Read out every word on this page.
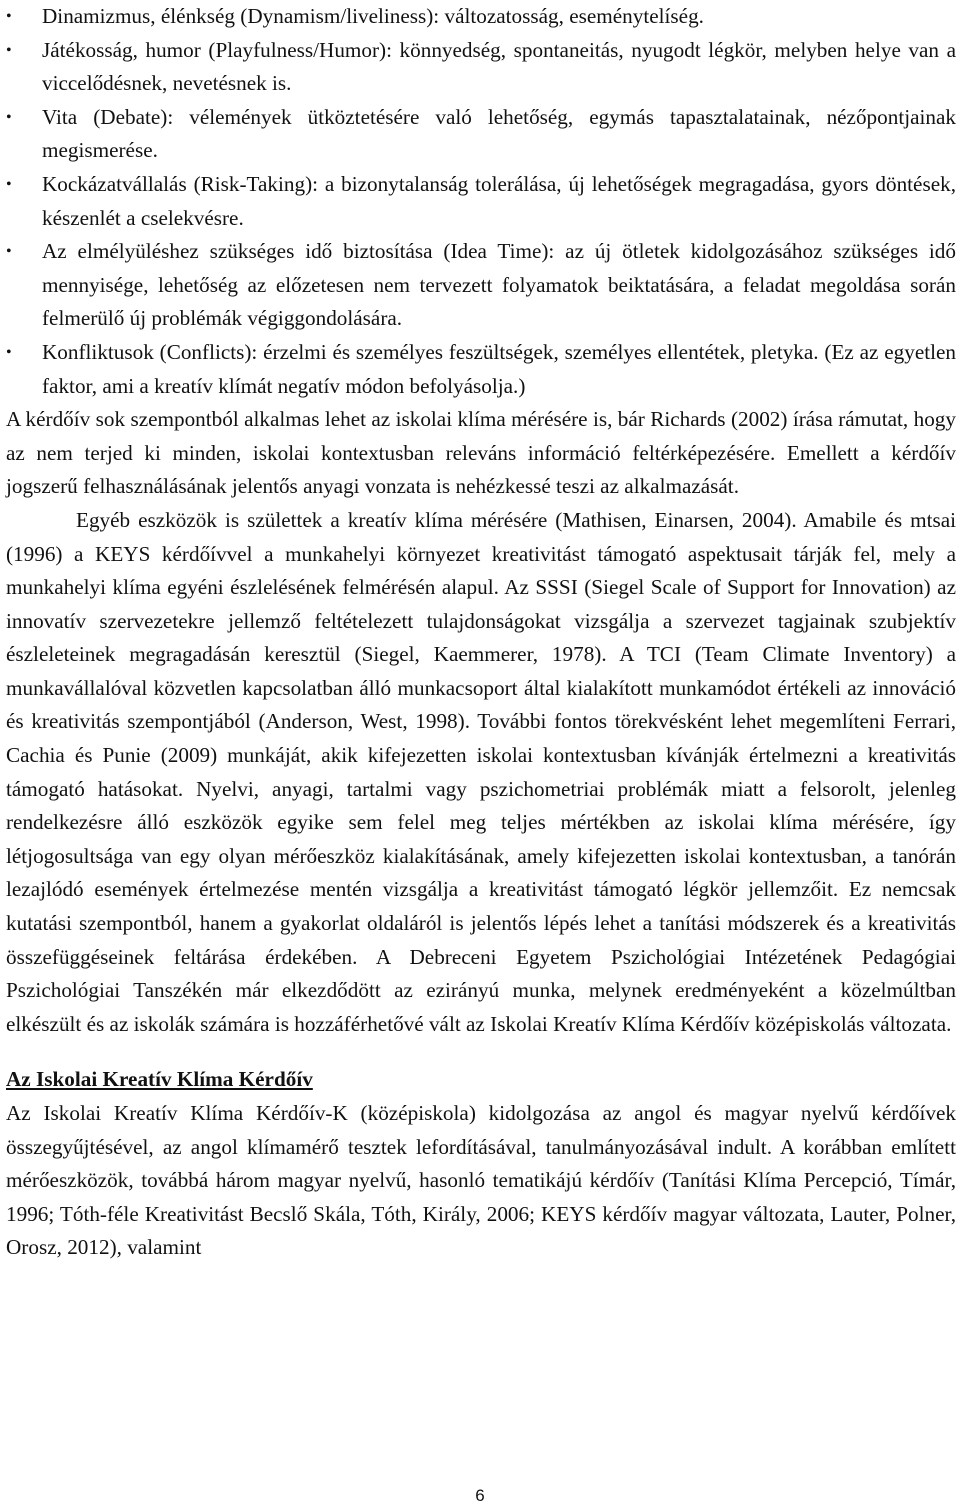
•	Dinamizmus, élénkség (Dynamism/liveliness): változatosság, eseménytelíség.
•	Játékosság, humor (Playfulness/Humor): könnyedség, spontaneitás, nyugodt légkör, melyben helye van a viccelődésnek, nevetésnek is.
•	Vita (Debate): vélemények ütköztetésére való lehetőség, egymás tapasztalatainak, nézőpontjainak megismerése.
•	Kockázatvállalás (Risk-Taking): a bizonytalanság tolerálása, új lehetőségek megragadása, gyors döntések, készenlét a cselekvésre.
•	Az elmélyüléshez szükséges idő biztosítása (Idea Time): az új ötletek kidolgozásához szükséges idő mennyisége, lehetőség az előzetesen nem tervezett folyamatok beiktatására, a feladat megoldása során felmerülő új problémák végiggondolására.
•	Konfliktusok (Conflicts): érzelmi és személyes feszültségek, személyes ellentétek, pletyka. (Ez az egyetlen faktor, ami a kreatív klímát negatív módon befolyásolja.)

A kérdőív sok szempontból alkalmas lehet az iskolai klíma mérésére is, bár Richards (2002) írása rámutat, hogy az nem terjed ki minden, iskolai kontextusban releváns információ feltérképezésére. Emellett a kérdőív jogszerű felhasználásának jelentős anyagi vonzata is nehézkessé teszi az alkalmazását.

Egyéb eszközök is születtek a kreatív klíma mérésére (Mathisen, Einarsen, 2004). Amabile és mtsai (1996) a KEYS kérdőívvel a munkahelyi környezet kreativitást támogató aspektusait tárják fel, mely a munkahelyi klíma egyéni észlelésének felmérésén alapul. Az SSSI (Siegel Scale of Support for Innovation) az innovatív szervezetekre jellemző feltételezett tulajdonságokat vizsgálja a szervezet tagjainak szubjektív észleleteinek megragadásán keresztül (Siegel, Kaemmerer, 1978). A TCI (Team Climate Inventory) a munkavállalóval közvetlen kapcsolatban álló munkacsoport által kialakított munkamódot értékeli az innováció és kreativitás szempontjából (Anderson, West, 1998). További fontos törekvésként lehet megemlíteni Ferrari, Cachia és Punie (2009) munkáját, akik kifejezetten iskolai kontextusban kívánják értelmezni a kreativitás támogató hatásokat. Nyelvi, anyagi, tartalmi vagy pszichometriai problémák miatt a felsorolt, jelenleg rendelkezésre álló eszközök egyike sem felel meg teljes mértékben az iskolai klíma mérésére, így létjogosultsága van egy olyan mérőeszköz kialakításának, amely kifejezetten iskolai kontextusban, a tanórán lezajlódó események értelmezése mentén vizsgálja a kreativitást támogató légkör jellemzőit. Ez nemcsak kutatási szempontból, hanem a gyakorlat oldaláról is jelentős lépés lehet a tanítási módszerek és a kreativitás összefüggéseinek feltárása érdekében. A Debreceni Egyetem Pszichológiai Intézetének Pedagógiai Pszichológiai Tanszékén már elkezdődött az ezirányú munka, melynek eredményeként a közelmúltban elkészült és az iskolák számára is hozzáférhetővé vált az Iskolai Kreatív Klíma Kérdőív középiskolás változata.

Az Iskolai Kreatív Klíma Kérdőív

Az Iskolai Kreatív Klíma Kérdőív-K (középiskola) kidolgozása az angol és magyar nyelvű kérdőívek összegyűjtésével, az angol klímamérő tesztek lefordításával, tanulmányozásával indult. A korábban említett mérőeszközök, továbbá három magyar nyelvű, hasonló tematikájú kérdőív (Tanítási Klíma Percepció, Tímár, 1996; Tóth-féle Kreativitást Becslő Skála, Tóth, Király, 2006; KEYS kérdőív magyar változata, Lauter, Polner, Orosz, 2012), valamint

6
